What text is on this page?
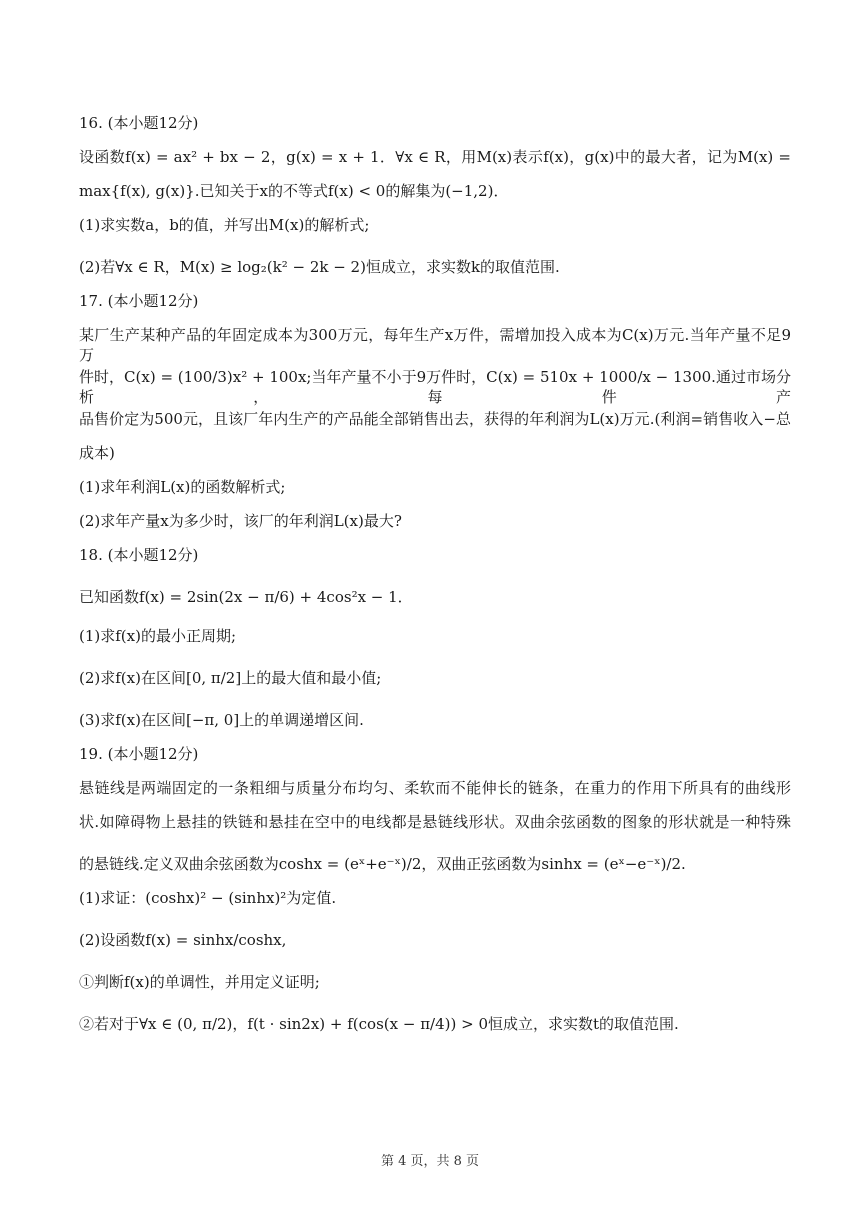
16. (本小题12分)
设函数f(x) = ax² + bx − 2，g(x) = x + 1．∀x ∈ R，用M(x)表示f(x)，g(x)中的最大者，记为M(x) =
max{f(x), g(x)}.已知关于x的不等式f(x) < 0的解集为(−1,2)．
(1)求实数a，b的值，并写出M(x)的解析式;
(2)若∀x ∈ R，M(x) ≥ log₂(k² − 2k − 2)恒成立，求实数k的取值范围.
17. (本小题12分)
某厂生产某种产品的年固定成本为300万元，每年生产x万件，需增加投入成本为C(x)万元.当年产量不足9万
件时，C(x) = (100/3)x² + 100x;当年产量不小于9万件时，C(x) = 510x + 1000/x − 1300.通过市场分析，每件产
品售价定为500元，且该厂年内生产的产品能全部销售出去，获得的年利润为L(x)万元.(利润=销售收入−总
成本)
(1)求年利润L(x)的函数解析式;
(2)求年产量x为多少时，该厂的年利润L(x)最大?
18. (本小题12分)
已知函数f(x) = 2sin(2x − π/6) + 4cos²x − 1．
(1)求f(x)的最小正周期;
(2)求f(x)在区间[0, π/2]上的最大值和最小值;
(3)求f(x)在区间[−π, 0]上的单调递增区间.
19. (本小题12分)
悬链线是两端固定的一条粗细与质量分布均匀、柔软而不能伸长的链条，在重力的作用下所具有的曲线形
状.如障碍物上悬挂的铁链和悬挂在空中的电线都是悬链线形状。双曲余弦函数的图象的形状就是一种特殊
的悬链线.定义双曲余弦函数为coshx = (eˣ+e⁻ˣ)/2，双曲正弦函数为sinhx = (eˣ−e⁻ˣ)/2.
(1)求证：(coshx)² − (sinhx)²为定值.
(2)设函数f(x) = sinhx/coshx,
①判断f(x)的单调性，并用定义证明;
②若对于∀x ∈ (0, π/2)，f(t · sin2x) + f(cos(x − π/4)) > 0恒成立，求实数t的取值范围.
第 4 页，共 8 页
